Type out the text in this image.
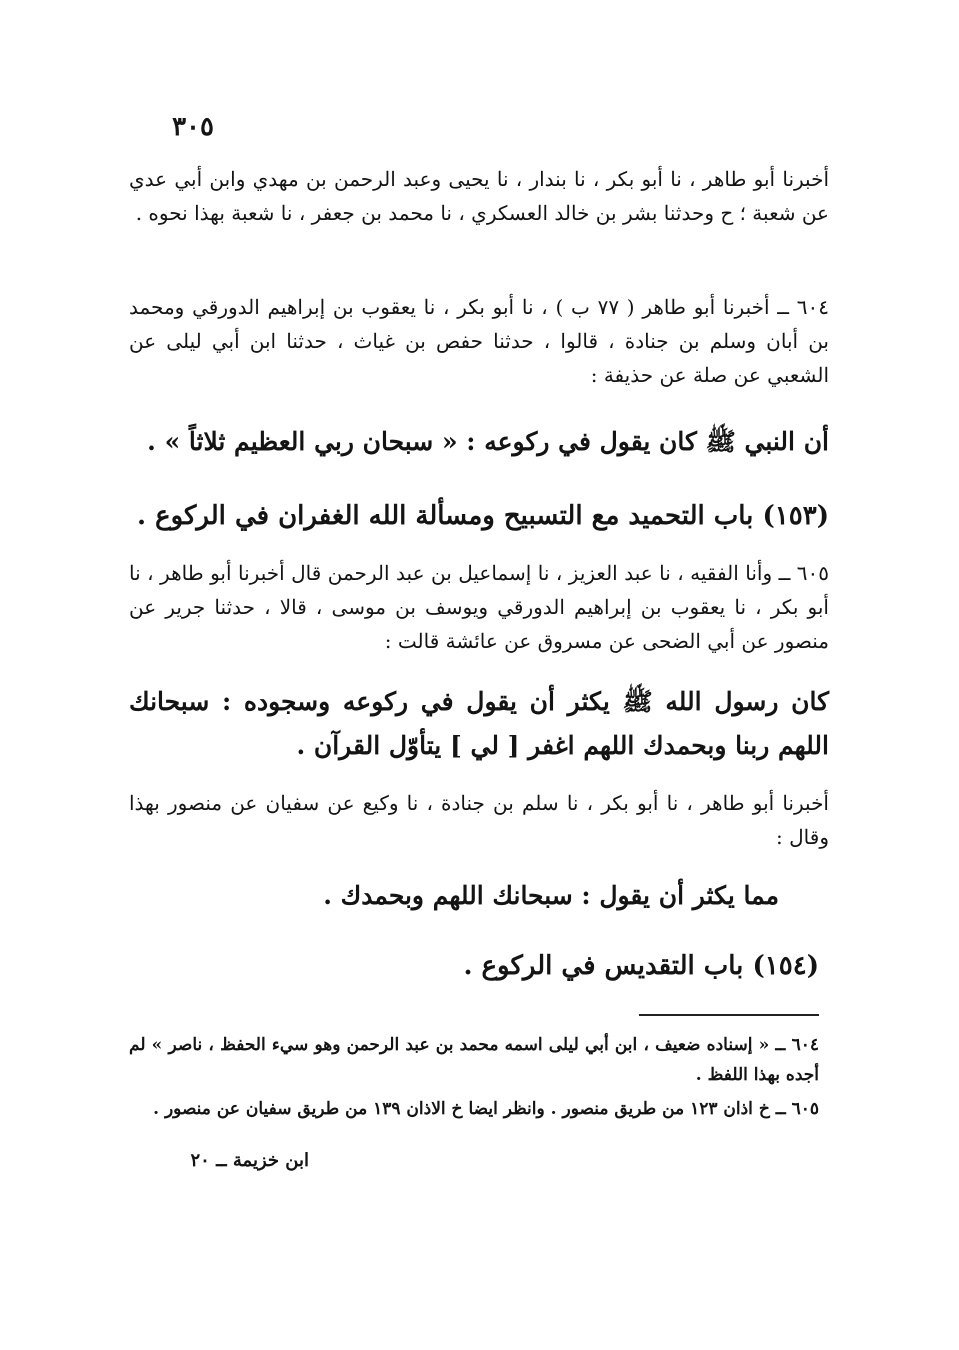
٣٠٥

أخبرنا أبو طاهر ، نا أبو بكر ، نا بندار ، نا يحيى وعبد الرحمن بن مهدي وابن أبي عدي عن شعبة ؛ ح وحدثنا بشر بن خالد العسكري ، نا محمد بن جعفر ، نا شعبة بهذا نحوه .

٦٠٤ ــ أخبرنا أبو طاهر ( ٧٧ ب ) ، نا أبو بكر ، نا يعقوب بن إبراهيم الدورقي ومحمد بن أبان وسلم بن جنادة ، قالوا ، حدثنا حفص بن غياث ، حدثنا ابن أبي ليلى عن الشعبي عن صلة عن حذيفة :

أن النبي ﷺ كان يقول في ركوعه : « سبحان ربي العظيم ثلاثاً » .

(١٥٣) باب التحميد مع التسبيح ومسألة الله الغفران في الركوع .

٦٠٥ ــ وأنا الفقيه ، نا عبد العزيز ، نا إسماعيل بن عبد الرحمن قال أخبرنا أبو طاهر ، نا أبو بكر ، نا يعقوب بن إبراهيم الدورقي ويوسف بن موسى ، قالا ، حدثنا جرير عن منصور عن أبي الضحى عن مسروق عن عائشة قالت :

كان رسول الله ﷺ يكثر أن يقول في ركوعه وسجوده : سبحانك اللهم ربنا وبحمدك اللهم اغفر [ لي ] يتأوّل القرآن .

أخبرنا أبو طاهر ، نا أبو بكر ، نا سلم بن جنادة ، نا وكيع عن سفيان عن منصور بهذا وقال :

مما يكثر أن يقول : سبحانك اللهم وبحمدك .

(١٥٤) باب التقديس في الركوع .

٦٠٤ ــ « إسناده ضعيف ، ابن أبي ليلى اسمه محمد بن عبد الرحمن وهو سيء الحفظ ، ناصر » لم أجده بهذا اللفظ .

٦٠٥ ــ خ اذان ١٢٣ من طريق منصور . وانظر ايضا خ الاذان ١٣٩ من طريق سفيان عن منصور .

ابن خزيمة ــ ٢٠
